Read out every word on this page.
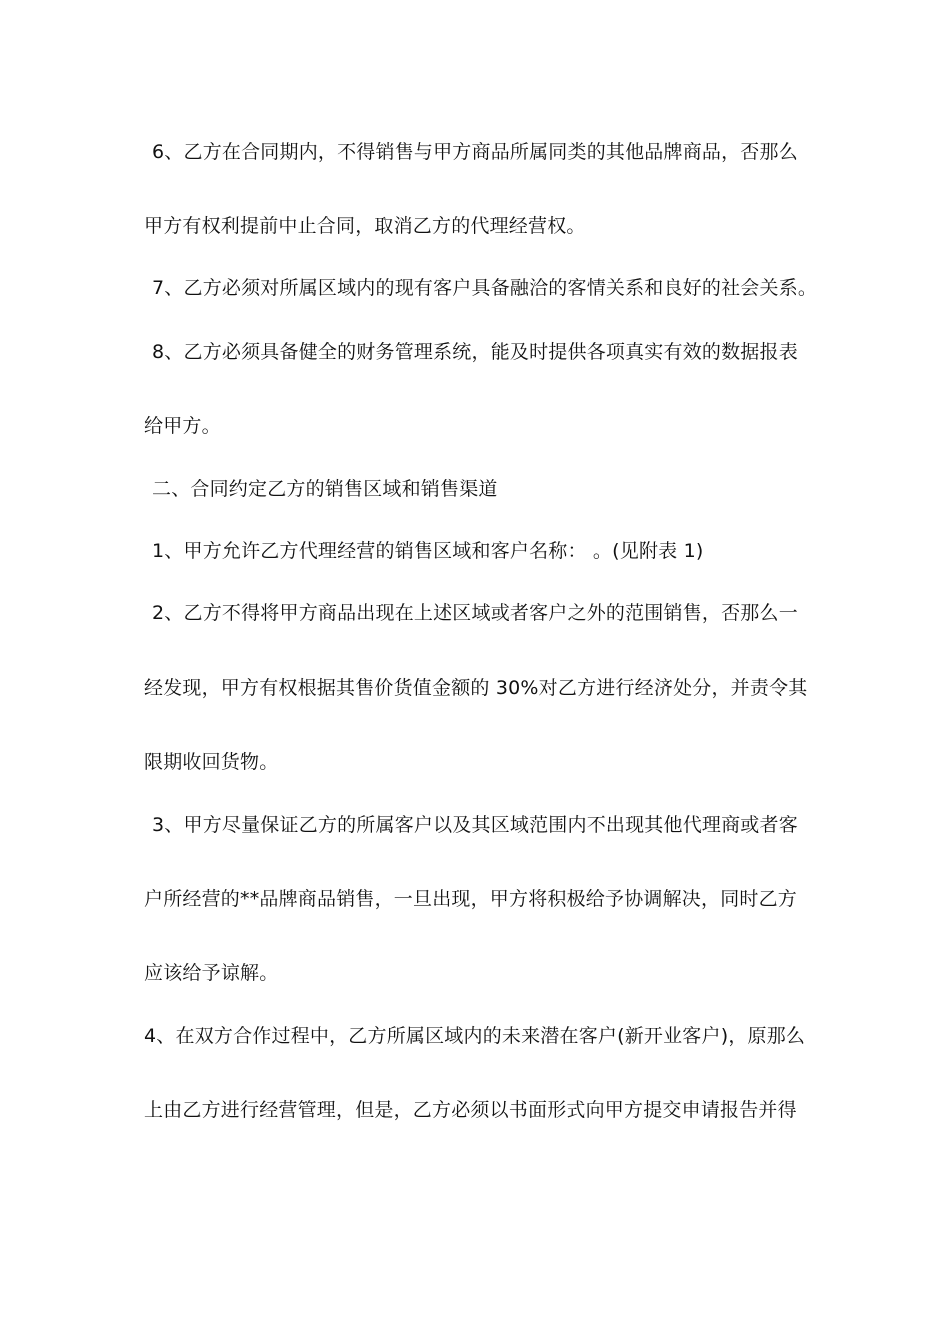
6、乙方在合同期内，不得销售与甲方商品所属同类的其他品牌商品，否那么
甲方有权利提前中止合同，取消乙方的代理经营权。
7、乙方必须对所属区域内的现有客户具备融洽的客情关系和良好的社会关系。
8、乙方必须具备健全的财务管理系统，能及时提供各项真实有效的数据报表
给甲方。
二、合同约定乙方的销售区域和销售渠道
1、甲方允许乙方代理经营的销售区域和客户名称： 。(见附表 1)
2、乙方不得将甲方商品出现在上述区域或者客户之外的范围销售，否那么一
经发现，甲方有权根据其售价货值金额的 30%对乙方进行经济处分，并责令其
限期收回货物。
3、甲方尽量保证乙方的所属客户以及其区域范围内不出现其他代理商或者客
户所经营的**品牌商品销售，一旦出现，甲方将积极给予协调解决，同时乙方
应该给予谅解。
4、在双方合作过程中，乙方所属区域内的未来潜在客户(新开业客户)，原那么
上由乙方进行经营管理，但是，乙方必须以书面形式向甲方提交申请报告并得
